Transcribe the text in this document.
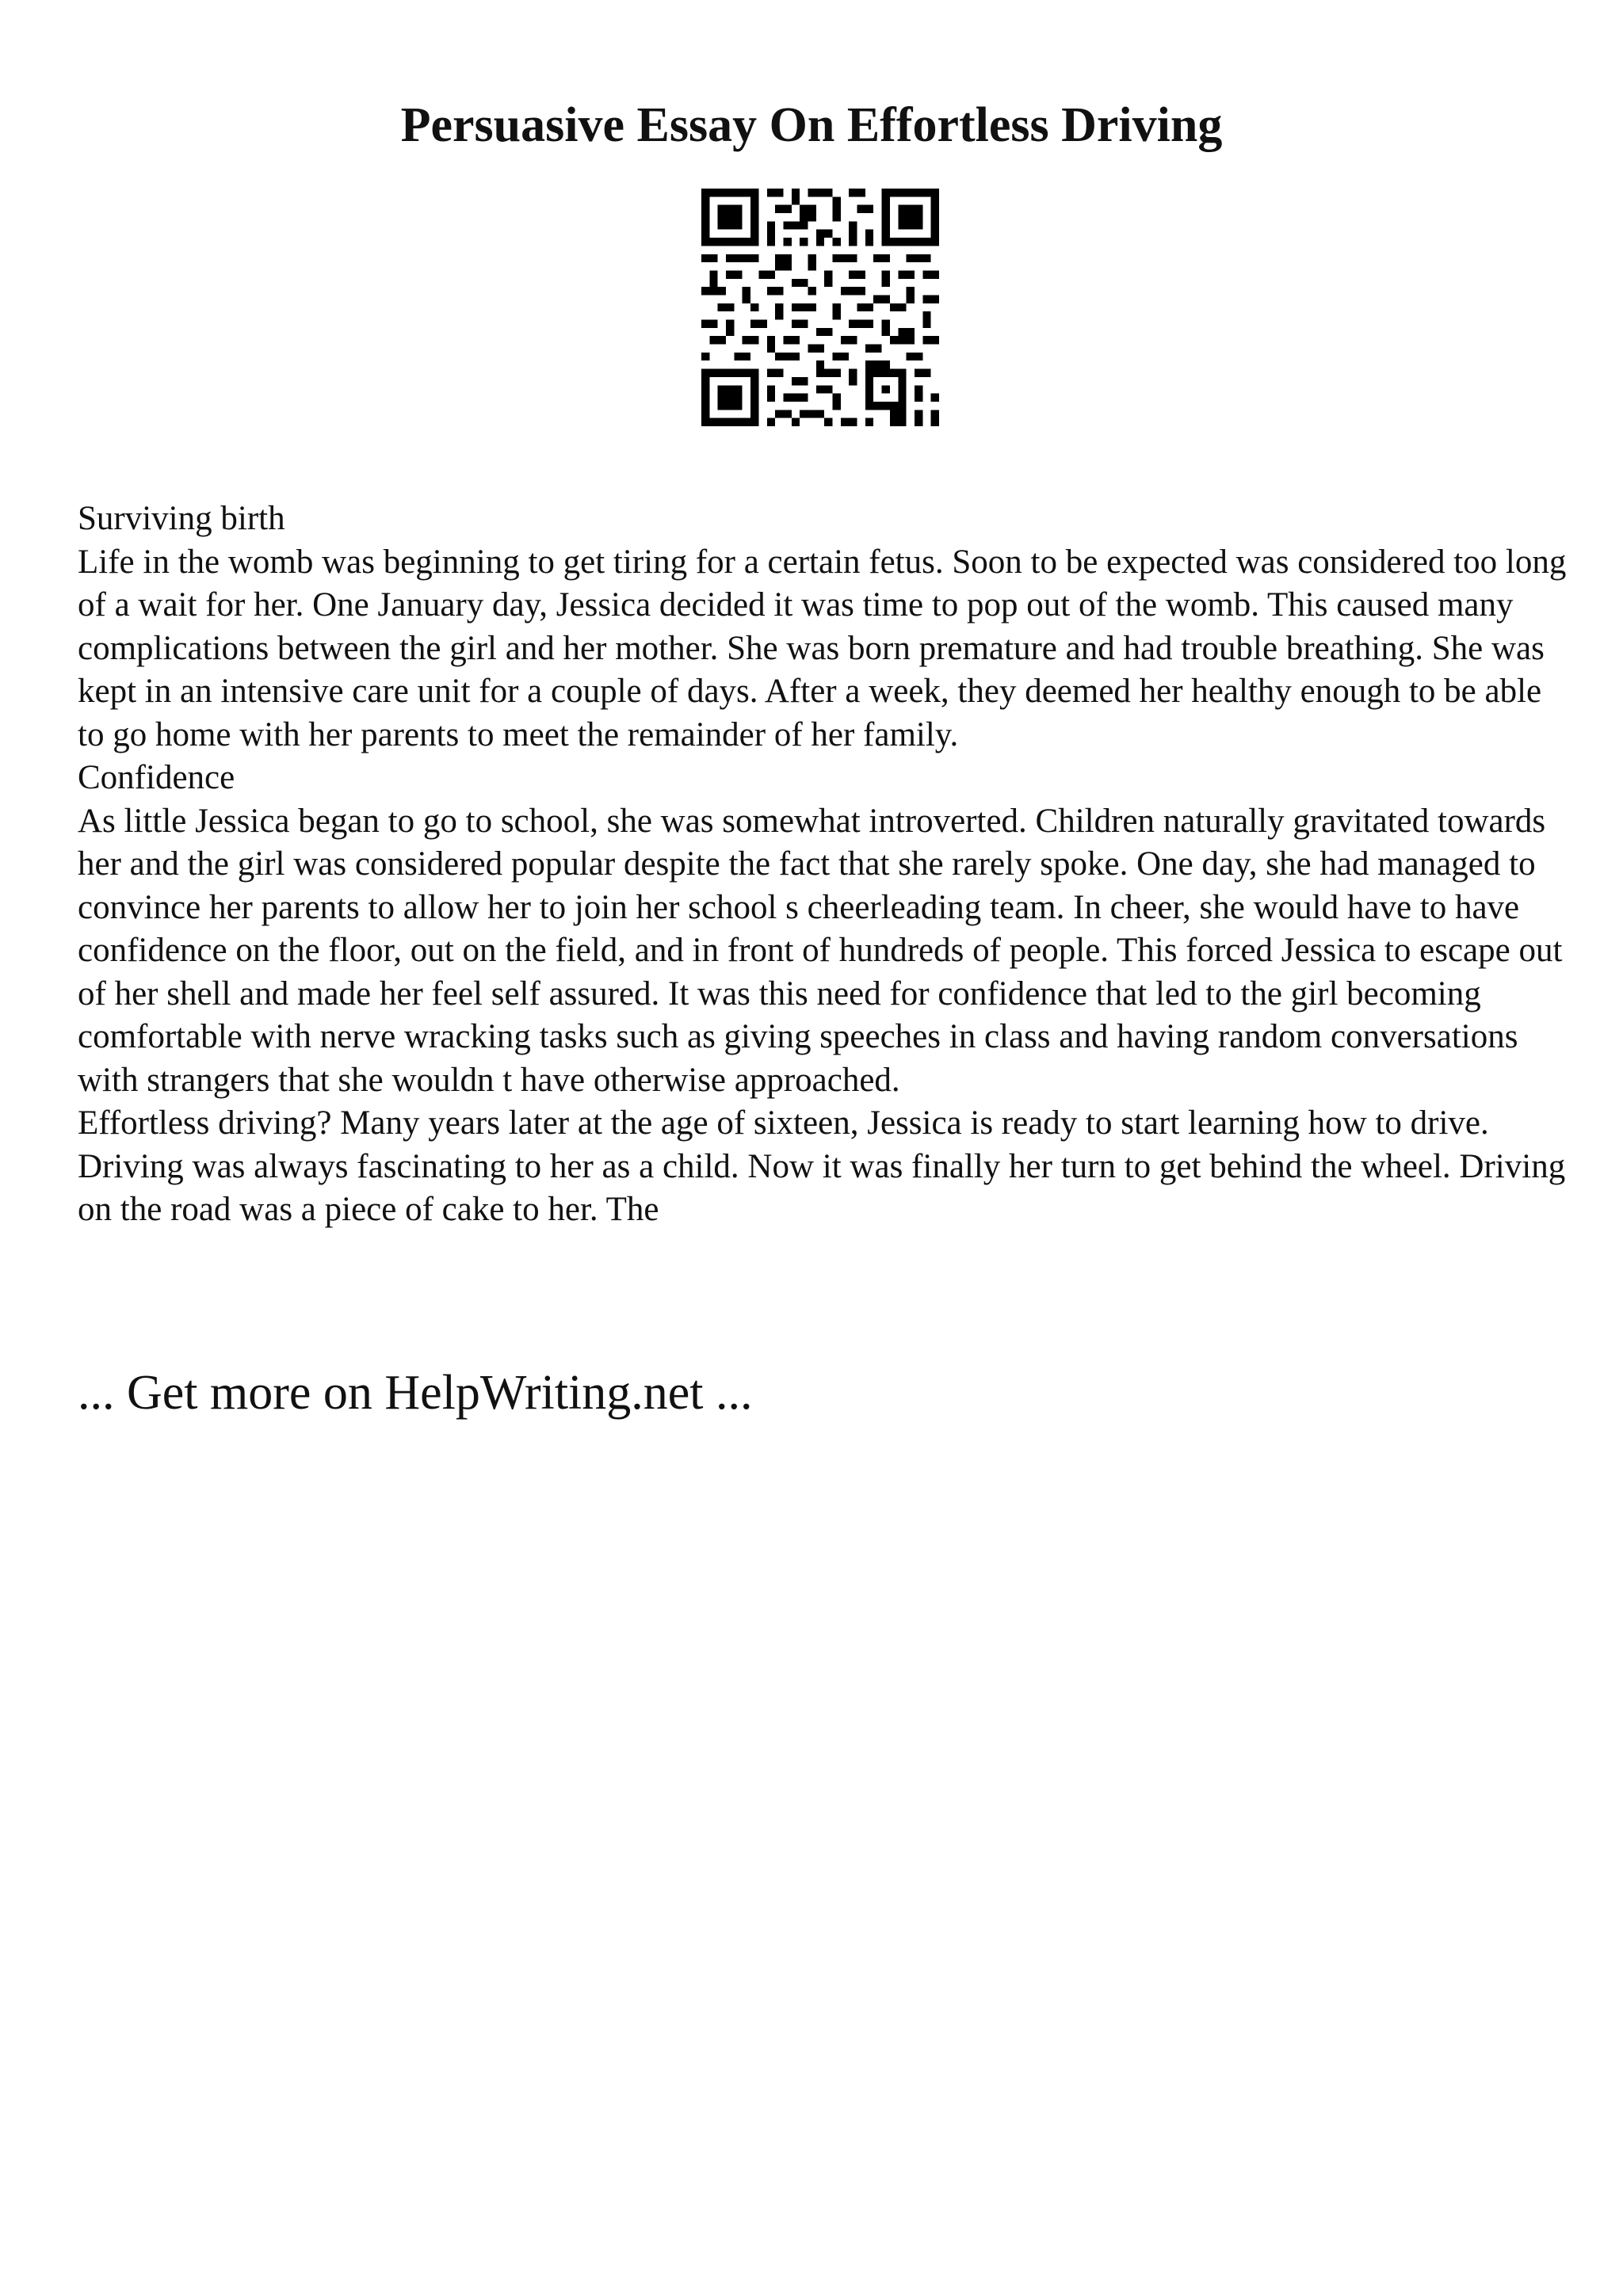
Persuasive Essay On Effortless Driving

Surviving birth

Life in the womb was beginning to get tiring for a certain fetus. Soon to be expected was considered too long of a wait for her. One January day, Jessica decided it was time to pop out of the womb. This caused many complications between the girl and her mother. She was born premature and had trouble breathing. She was kept in an intensive care unit for a couple of days. After a week, they deemed her healthy enough to be able to go home with her parents to meet the remainder of her family.

Confidence

As little Jessica began to go to school, she was somewhat introverted. Children naturally gravitated towards her and the girl was considered popular despite the fact that she rarely spoke. One day, she had managed to convince her parents to allow her to join her school s cheerleading team. In cheer, she would have to have confidence on the floor, out on the field, and in front of hundreds of people. This forced Jessica to escape out of her shell and made her feel self assured. It was this need for confidence that led to the girl becoming comfortable with nerve wracking tasks such as giving speeches in class and having random conversations with strangers that she wouldn t have otherwise approached.

Effortless driving? Many years later at the age of sixteen, Jessica is ready to start learning how to drive. Driving was always fascinating to her as a child. Now it was finally her turn to get behind the wheel. Driving on the road was a piece of cake to her. The

... Get more on HelpWriting.net ...
